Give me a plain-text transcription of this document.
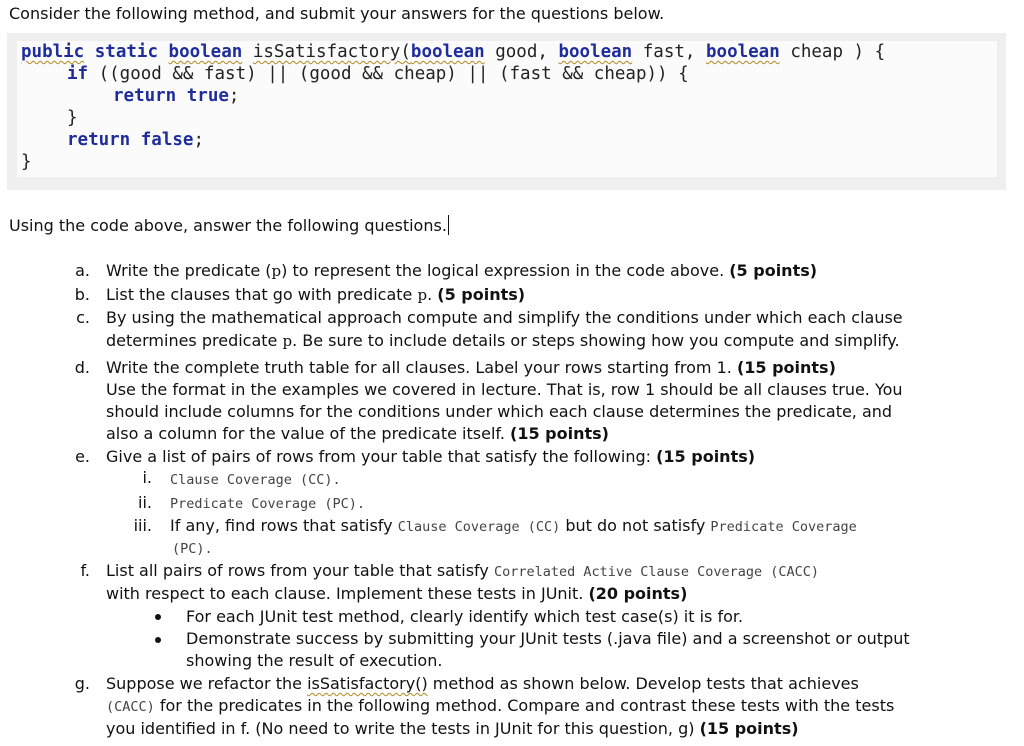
Consider the following method, and submit your answers for the questions below.
public static boolean isSatisfactory(boolean good, boolean fast, boolean cheap ) {
if ((good && fast) || (good && cheap) || (fast && cheap)) {
return true;
}
return false;
}
Using the code above, answer the following questions.
a. Write the predicate (p) to represent the logical expression in the code above. (5 points)
b. List the clauses that go with predicate p. (5 points)
c. By using the mathematical approach compute and simplify the conditions under which each clause
determines predicate p. Be sure to include details or steps showing how you compute and simplify.
d. Write the complete truth table for all clauses. Label your rows starting from 1. (15 points)
Use the format in the examples we covered in lecture. That is, row 1 should be all clauses true. You
should include columns for the conditions under which each clause determines the predicate, and
also a column for the value of the predicate itself. (15 points)
e. Give a list of pairs of rows from your table that satisfy the following: (15 points)
i. Clause Coverage (CC).
ii. Predicate Coverage (PC).
iii. If any, find rows that satisfy Clause Coverage (CC) but do not satisfy Predicate Coverage
(PC).
f. List all pairs of rows from your table that satisfy Correlated Active Clause Coverage (CACC)
with respect to each clause. Implement these tests in JUnit. (20 points)
For each JUnit test method, clearly identify which test case(s) it is for.
Demonstrate success by submitting your JUnit tests (.java file) and a screenshot or output
showing the result of execution.
g. Suppose we refactor the isSatisfactory() method as shown below. Develop tests that achieves
(CACC) for the predicates in the following method. Compare and contrast these tests with the tests
you identified in f. (No need to write the tests in JUnit for this question, g) (15 points)
